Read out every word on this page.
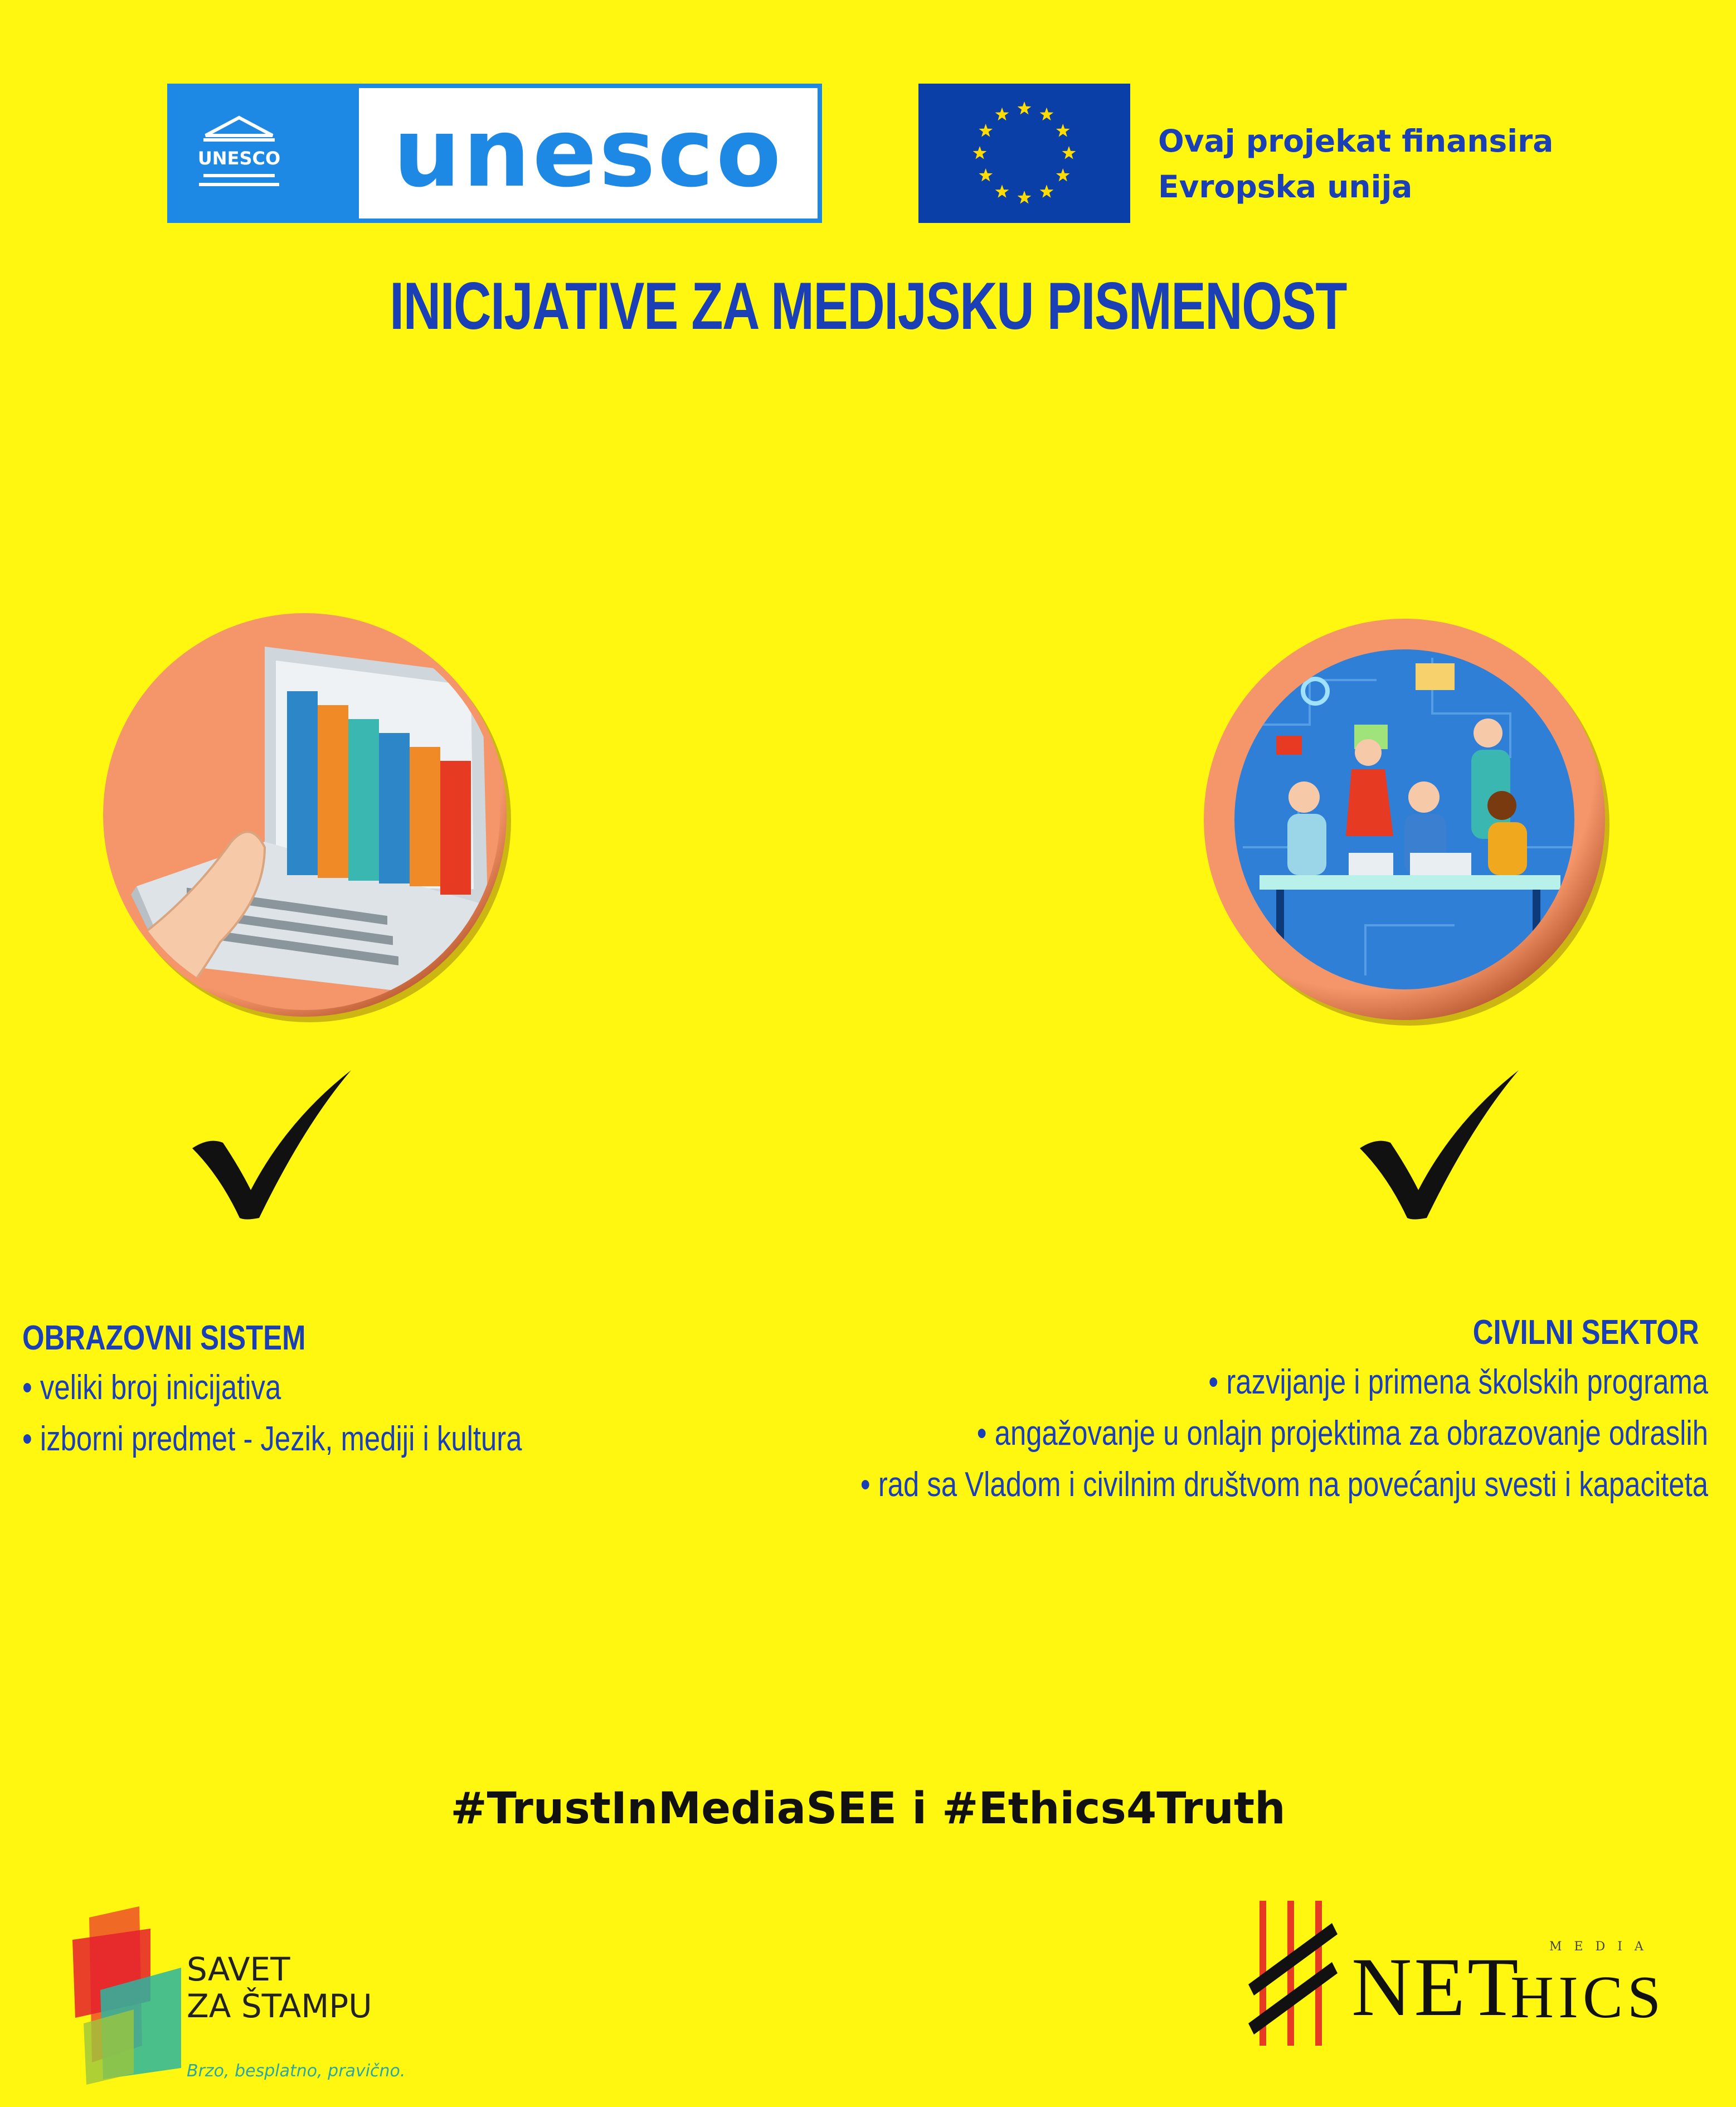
UNESCO unesco	Ovaj projekat finansira
Evropska unija
INICIJATIVE ZA MEDIJSKU PISMENOST
OBRAZOVNI SISTEM
• veliki broj inicijativa
• izborni predmet - Jezik, mediji i kultura
CIVILNI SEKTOR
• razvijanje i primena školskih programa
• angažovanje u onlajn projektima za obrazovanje odraslih
• rad sa Vladom i civilnim društvom na povećanju svesti i kapaciteta
#TrustInMediaSEE i #Ethics4Truth
SAVET
ZA ŠTAMPU
Brzo, besplatno, pravično.
MEDIA
NET
HICS
